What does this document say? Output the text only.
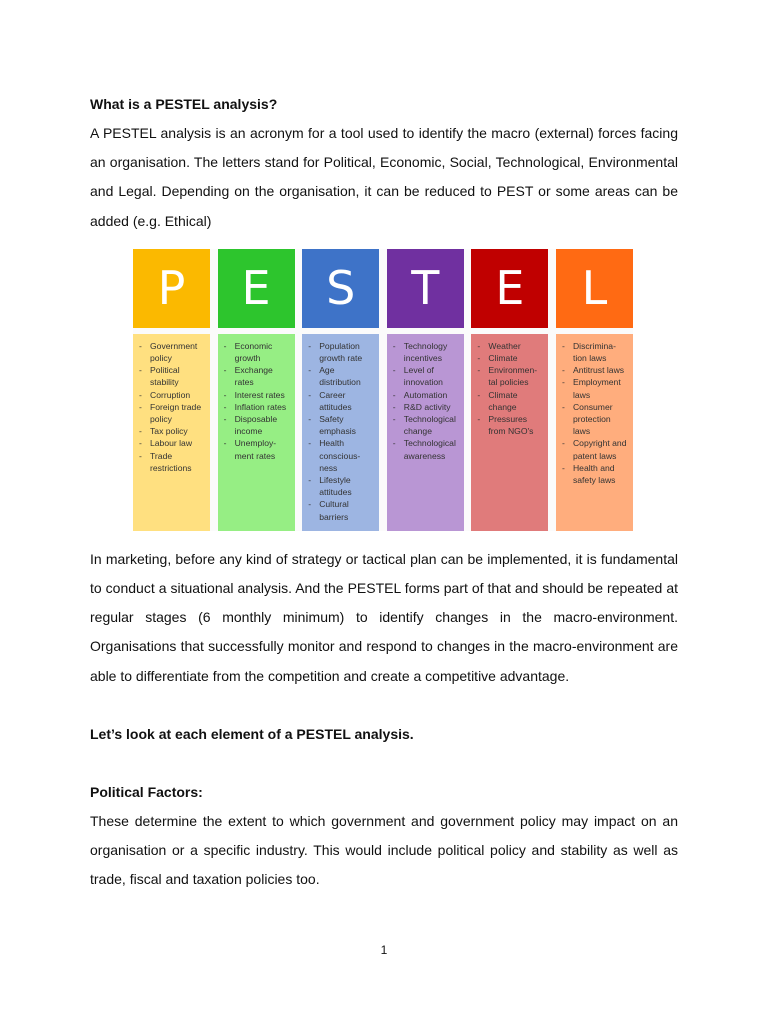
What is a PESTEL analysis?

A PESTEL analysis is an acronym for a tool used to identify the macro (external) forces facing an organisation. The letters stand for Political, Economic, Social, Technological, Environmental and Legal. Depending on the organisation, it can be reduced to PEST or some areas can be added (e.g. Ethical)

P
- Government policy
- Political stability
- Corruption
- Foreign trade policy
- Tax policy
- Labour law
- Trade restrictions
E
- Economic growth
- Exchange rates
- Interest rates
- Inflation rates
- Disposable income
- Unemploy-ment rates
S
- Population growth rate
- Age distribution
- Career attitudes
- Safety emphasis
- Health conscious-ness
- Lifestyle attitudes
- Cultural barriers
T
- Technology incentives
- Level of innovation
- Automation
- R&D activity
- Technological change
- Technological awareness
E
- Weather
- Climate
- Environmen-tal policies
- Climate change
- Pressures from NGO's
L
- Discrimina-tion laws
- Antitrust laws
- Employment laws
- Consumer protection laws
- Copyright and patent laws
- Health and safety laws

In marketing, before any kind of strategy or tactical plan can be implemented, it is fundamental to conduct a situational analysis. And the PESTEL forms part of that and should be repeated at regular stages (6 monthly minimum) to identify changes in the macro-environment. Organisations that successfully monitor and respond to changes in the macro-environment are able to differentiate from the competition and create a competitive advantage.

Let’s look at each element of a PESTEL analysis.

Political Factors:

These determine the extent to which government and government policy may impact on an organisation or a specific industry. This would include political policy and stability as well as trade, fiscal and taxation policies too.

1
